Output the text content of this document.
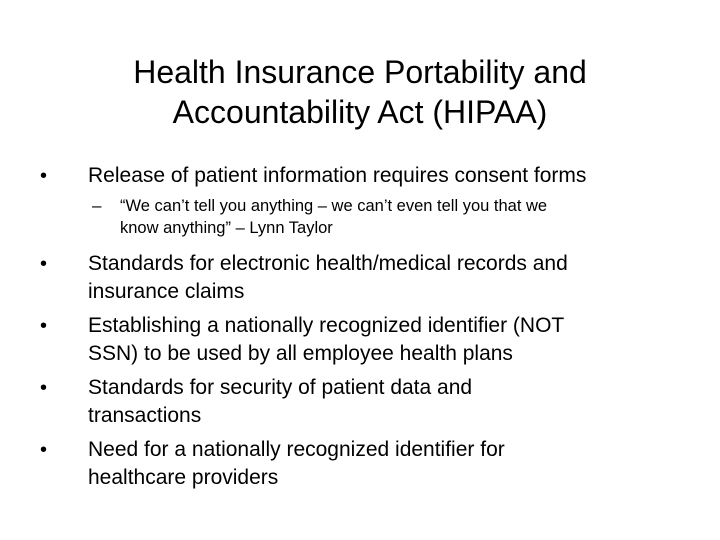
Health Insurance Portability and
Accountability Act (HIPAA)
• Release of patient information requires consent forms
– “We can’t tell you anything – we can’t even tell you that we
know anything” – Lynn Taylor
• Standards for electronic health/medical records and
insurance claims
• Establishing a nationally recognized identifier (NOT
SSN) to be used by all employee health plans
• Standards for security of patient data and
transactions
• Need for a nationally recognized identifier for
healthcare providers
